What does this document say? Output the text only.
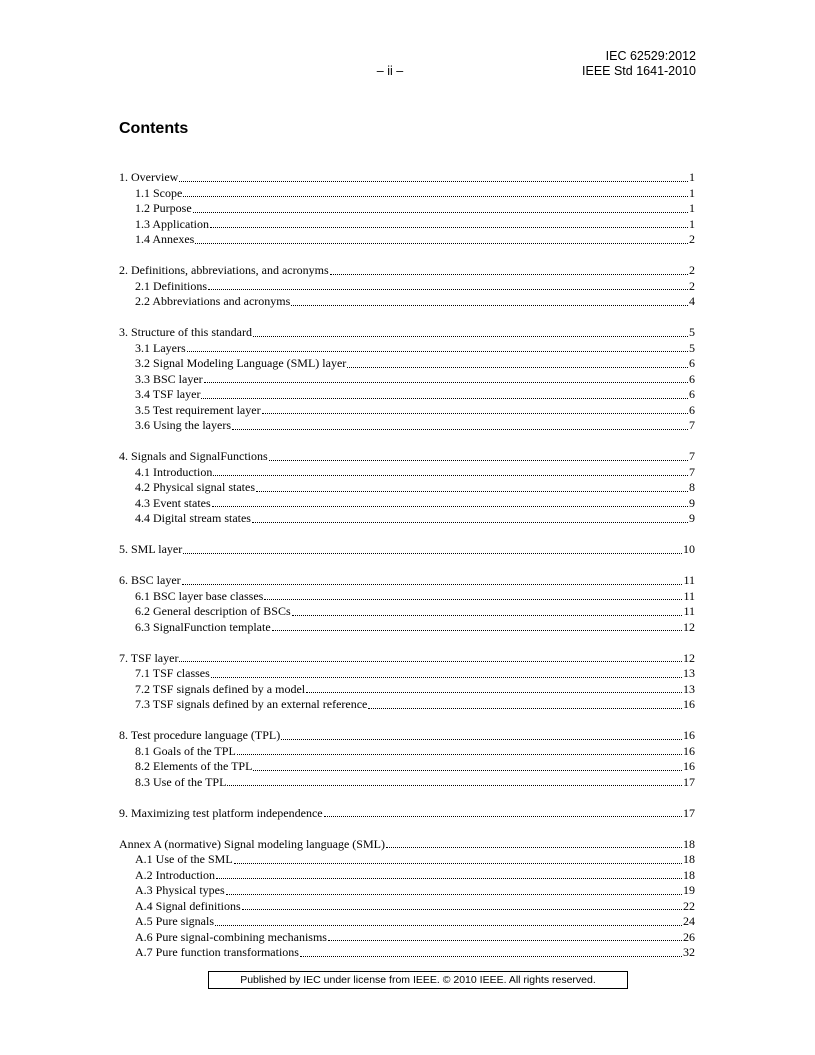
IEC 62529:2012
IEEE Std 1641-2010
– ii –
Contents
1. Overview	1
1.1 Scope	1
1.2 Purpose	1
1.3 Application	1
1.4 Annexes	2
2. Definitions, abbreviations, and acronyms	2
2.1 Definitions	2
2.2 Abbreviations and acronyms	4
3. Structure of this standard	5
3.1 Layers	5
3.2 Signal Modeling Language (SML) layer	6
3.3 BSC layer	6
3.4 TSF layer	6
3.5 Test requirement layer	6
3.6 Using the layers	7
4. Signals and SignalFunctions	7
4.1 Introduction	7
4.2 Physical signal states	8
4.3 Event states	9
4.4 Digital stream states	9
5. SML layer	10
6. BSC layer	11
6.1 BSC layer base classes	11
6.2 General description of BSCs	11
6.3 SignalFunction template	12
7. TSF layer	12
7.1 TSF classes	13
7.2 TSF signals defined by a model	13
7.3 TSF signals defined by an external reference	16
8. Test procedure language (TPL)	16
8.1 Goals of the TPL	16
8.2 Elements of the TPL	16
8.3 Use of the TPL	17
9. Maximizing test platform independence	17
Annex A (normative) Signal modeling language (SML)	18
A.1 Use of the SML	18
A.2 Introduction	18
A.3 Physical types	19
A.4 Signal definitions	22
A.5 Pure signals	24
A.6 Pure signal-combining mechanisms	26
A.7 Pure function transformations	32
Published by IEC under license from IEEE. © 2010 IEEE. All rights reserved.
